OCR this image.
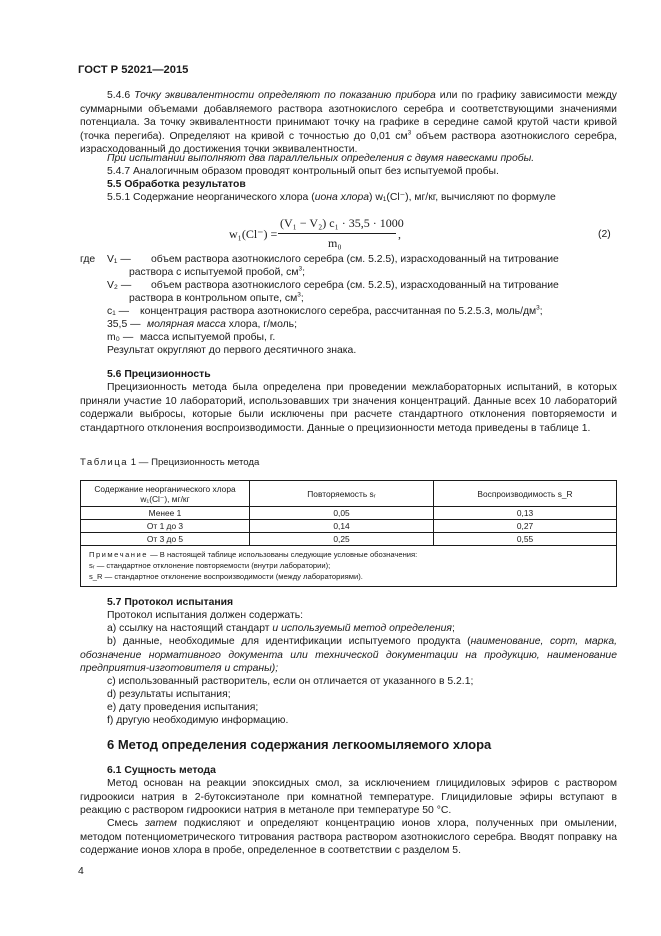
ГОСТ Р 52021—2015
5.4.6 Точку эквивалентности определяют по показанию прибора или по графику зависимости между суммарными объемами добавляемого раствора азотнокислого серебра и соответствующими значениями потенциала. За точку эквивалентности принимают точку на графике в середине самой крутой части кривой (точка перегиба). Определяют на кривой с точностью до 0,01 $см^3$ объем раствора азотнокислого серебра, израсходованный до достижения точки эквивалентности.
При испытании выполняют два параллельных определения с двумя навесками пробы.
5.4.7 Аналогичным образом проводят контрольный опыт без испытуемой пробы.
5.5 Обработка результатов
5.5.1 Содержание неорганического хлора (иона хлора) w₁(Cl⁻), мг/кг, вычисляют по формуле
w₁(Cl⁻) =
(V₁ − V₂) c₁ · 35,5 · 1000
m₀
,	(2)
где V₁ — объем раствора азотнокислого серебра (см. 5.2.5), израсходованный на титрование
раствора с испытуемой пробой, $см^3$;
V₂ — объем раствора азотнокислого серебра (см. 5.2.5), израсходованный на титрование
раствора в контрольном опыте, $см^3$;
c₁ — концентрация раствора азотнокислого серебра, рассчитанная по 5.2.5.3, моль/$дм^3$;
35,5 — молярная масса хлора, г/моль;
m₀ — масса испытуемой пробы, г.
Результат округляют до первого десятичного знака.
5.6 Прецизионность
Прецизионность метода была определена при проведении межлабораторных испытаний, в которых приняли участие 10 лабораторий, использовавших три значения концентраций. Данные всех 10 лабораторий содержали выбросы, которые были исключены при расчете стандартного отклонения повторяемости и стандартного отклонения воспроизводимости. Данные о прецизионности метода приведены в таблице 1.
Таблица 1 — Прецизионность метода
Содержание неорганического хлора
w₁(Cl⁻), мг/кг	Повторяемость sᵣ	Воспроизводимость s_R
Менее 1	0,05	0,13
От 1 до 3	0,14	0,27
От 3 до 5	0,25	0,55

Примечание — В настоящей таблице использованы следующие условные обозначения:
sᵣ — стандартное отклонение повторяемости (внутри лаборатории);
s_R — стандартное отклонение воспроизводимости (между лабораториями).		
5.7 Протокол испытания
Протокол испытания должен содержать:
а) ссылку на настоящий стандарт и используемый метод определения;
b) данные, необходимые для идентификации испытуемого продукта (наименование, сорт, марка, обозначение нормативного документа или технической документации на продукцию, наименование предприятия-изготовителя и страны);
c) использованный растворитель, если он отличается от указанного в 5.2.1;
d) результаты испытания;
e) дату проведения испытания;
f) другую необходимую информацию.
6 Метод определения содержания легкоомыляемого хлора
6.1 Сущность метода
Метод основан на реакции эпоксидных смол, за исключением глицидиловых эфиров с раствором гидроокиси натрия в 2-бутоксиэтаноле при комнатной температуре. Глицидиловые эфиры вступают в реакцию с раствором гидроокиси натрия в метаноле при температуре 50 °С.
Смесь затем подкисляют и определяют концентрацию ионов хлора, полученных при омылении, методом потенциометрического титрования раствора раствором азотнокислого серебра. Вводят поправку на содержание ионов хлора в пробе, определенное в соответствии с разделом 5.
4
